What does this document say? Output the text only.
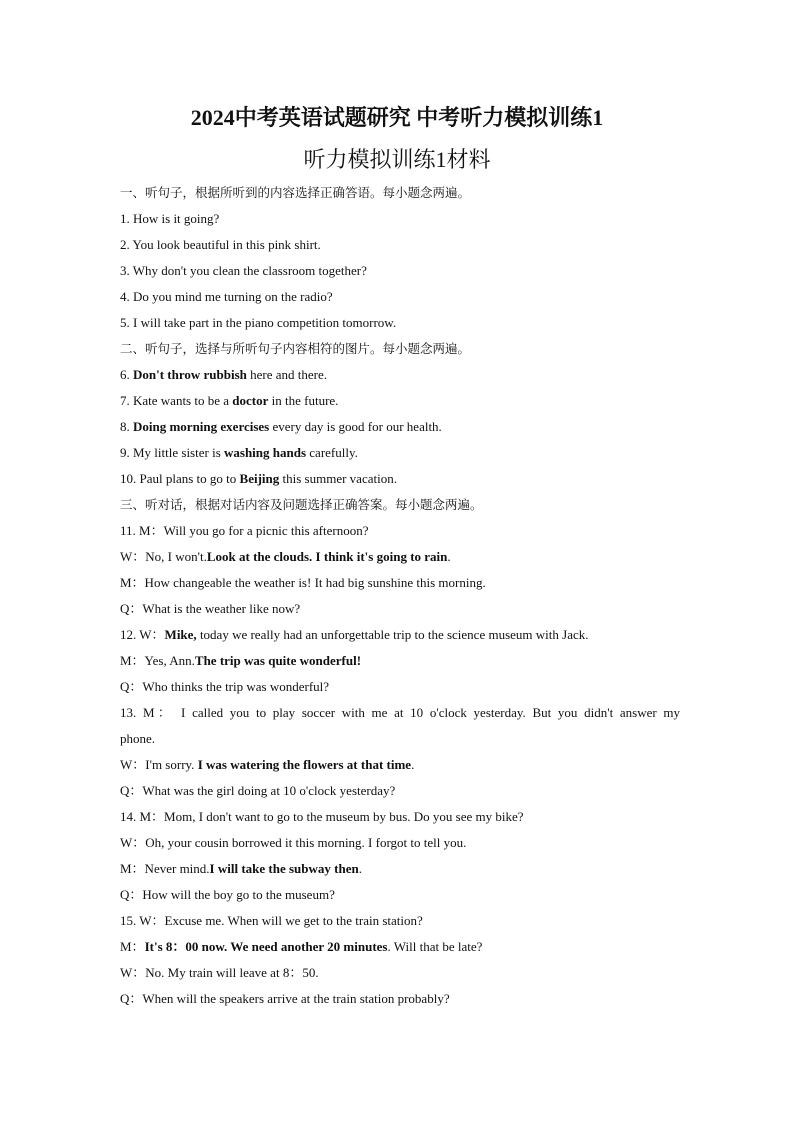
2024中考英语试题研究 中考听力模拟训练1
听力模拟训练1材料
一、听句子，根据所听到的内容选择正确答语。每小题念两遍。
1. How is it going?
2. You look beautiful in this pink shirt.
3. Why don't you clean the classroom together?
4. Do you mind me turning on the radio?
5. I will take part in the piano competition tomorrow.
二、听句子，选择与所听句子内容相符的图片。每小题念两遍。
6. Don't throw rubbish here and there.
7. Kate wants to be a doctor in the future.
8. Doing morning exercises every day is good for our health.
9. My little sister is washing hands carefully.
10. Paul plans to go to Beijing this summer vacation.
三、听对话，根据对话内容及问题选择正确答案。每小题念两遍。
11. M：Will you go for a picnic this afternoon?
W：No, I won't.Look at the clouds. I think it's going to rain.
M：How changeable the weather is! It had big sunshine this morning.
Q：What is the weather like now?
12. W：Mike, today we really had an unforgettable trip to the science museum with Jack.
M：Yes, Ann.The trip was quite wonderful!
Q：Who thinks the trip was wonderful?
13. M： I called you to play soccer with me at 10 o'clock yesterday. But you didn't answer my
phone.
W：I'm sorry. I was watering the flowers at that time.
Q：What was the girl doing at 10 o'clock yesterday?
14. M：Mom, I don't want to go to the museum by bus. Do you see my bike?
W：Oh, your cousin borrowed it this morning. I forgot to tell you.
M：Never mind.I will take the subway then.
Q：How will the boy go to the museum?
15. W：Excuse me. When will we get to the train station?
M：It's 8：00 now. We need another 20 minutes. Will that be late?
W：No. My train will leave at 8：50.
Q：When will the speakers arrive at the train station probably?
